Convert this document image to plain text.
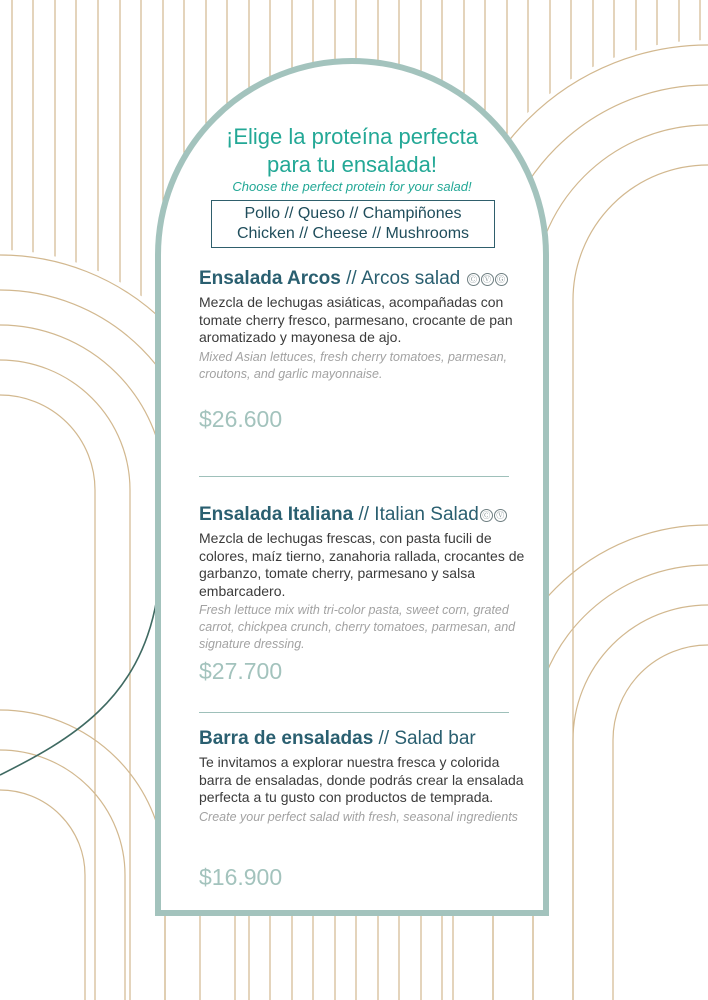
¡Elige la proteína perfecta
para tu ensalada!
Choose the perfect protein for your salad!
Pollo // Queso // Champiñones
Chicken // Cheese // Mushrooms
Ensalada Arcos // Arcos salad Ⓒ Ⓥ Ⓖ
Mezcla de lechugas asiáticas, acompañadas con tomate cherry fresco, parmesano, crocante de pan aromatizado y mayonesa de ajo.
Mixed Asian lettuces, fresh cherry tomatoes, parmesan, croutons, and garlic mayonnaise.
$26.600
Ensalada Italiana // Italian Salad Ⓒ Ⓥ
Mezcla de lechugas frescas, con pasta fucili de colores, maíz tierno, zanahoria rallada, crocantes de garbanzo, tomate cherry, parmesano y salsa embarcadero.
Fresh lettuce mix with tri-color pasta, sweet corn, grated carrot, chickpea crunch, cherry tomatoes, parmesan, and signature dressing.
$27.700
Barra de ensaladas // Salad bar
Te invitamos a explorar nuestra fresca y colorida barra de ensaladas, donde podrás crear la ensalada perfecta a tu gusto con productos de temprada.
Create your perfect salad with fresh, seasonal ingredients
$16.900
